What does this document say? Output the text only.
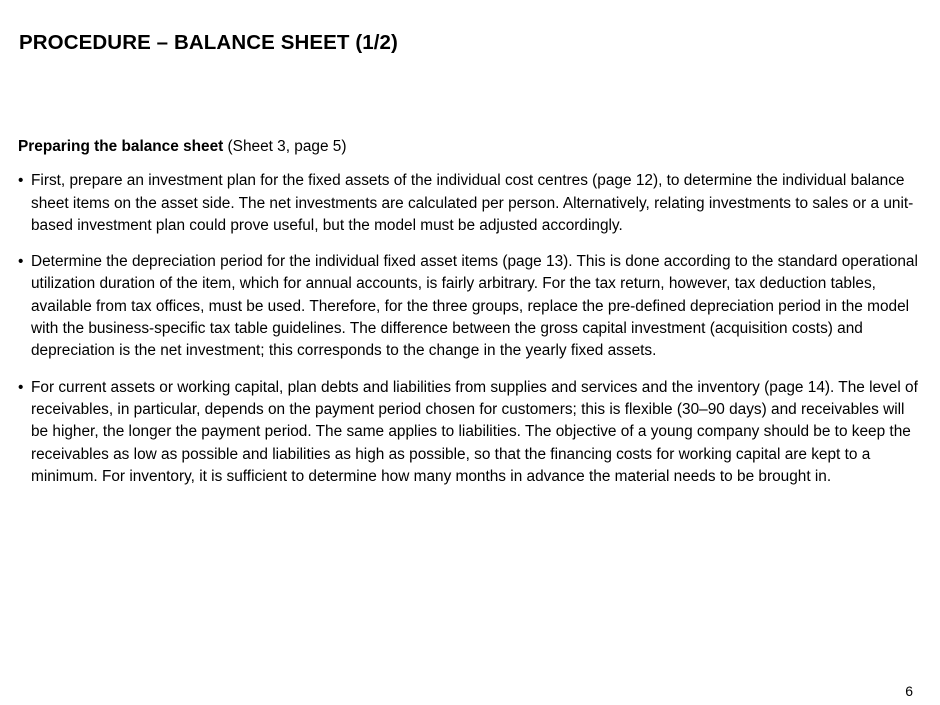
PROCEDURE – BALANCE SHEET (1/2)

Preparing the balance sheet (Sheet 3, page 5)

• First, prepare an investment plan for the fixed assets of the individual cost centres (page 12), to determine the individual balance sheet items on the asset side. The net investments are calculated per person. Alternatively, relating investments to sales or a unit-based investment plan could prove useful, but the model must be adjusted accordingly.
• Determine the depreciation period for the individual fixed asset items (page 13). This is done according to the standard operational utilization duration of the item, which for annual accounts, is fairly arbitrary. For the tax return, however, tax deduction tables, available from tax offices, must be used. Therefore, for the three groups, replace the pre-defined depreciation period in the model with the business-specific tax table guidelines. The difference between the gross capital investment (acquisition costs) and depreciation is the net investment; this corresponds to the change in the yearly fixed assets.
• For current assets or working capital, plan debts and liabilities from supplies and services and the inventory (page 14). The level of receivables, in particular, depends on the payment period chosen for customers; this is flexible (30–90 days) and receivables will be higher, the longer the payment period. The same applies to liabilities. The objective of a young company should be to keep the receivables as low as possible and liabilities as high as possible, so that the financing costs for working capital are kept to a minimum. For inventory, it is sufficient to determine how many months in advance the material needs to be brought in.
6
